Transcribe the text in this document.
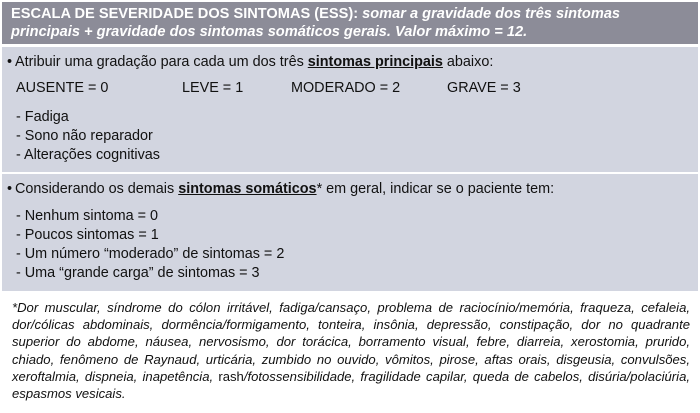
ESCALA DE SEVERIDADE DOS SINTOMAS (ESS): somar a gravidade dos três sintomas
principais + gravidade dos sintomas somáticos gerais. Valor máximo = 12.
• Atribuir uma gradação para cada um dos três sintomas principais abaixo:
AUSENTE = 0	LEVE = 1	MODERADO = 2	GRAVE = 3
- Fadiga
- Sono não reparador
- Alterações cognitivas
• Considerando os demais sintomas somáticos* em geral, indicar se o paciente tem:
- Nenhum sintoma = 0
- Poucos sintomas = 1
- Um número “moderado” de sintomas = 2
- Uma “grande carga” de sintomas = 3
*Dor muscular, síndrome do cólon irritável, fadiga/cansaço, problema de raciocínio/memória, fraqueza, cefaleia, dor/cólicas abdominais, dormência/formigamento, tonteira, insônia, depressão, constipação, dor no quadrante superior do abdome, náusea, nervosismo, dor torácica, borramento visual, febre, diarreia, xerostomia, prurido, chiado, fenômeno de Raynaud, urticária, zumbido no ouvido, vômitos, pirose, aftas orais, disgeusia, convulsões, xeroftalmia, dispneia, inapetência, rash/fotossensibilidade, fragilidade capilar, queda de cabelos, disúria/polaciúria, espasmos vesicais.
